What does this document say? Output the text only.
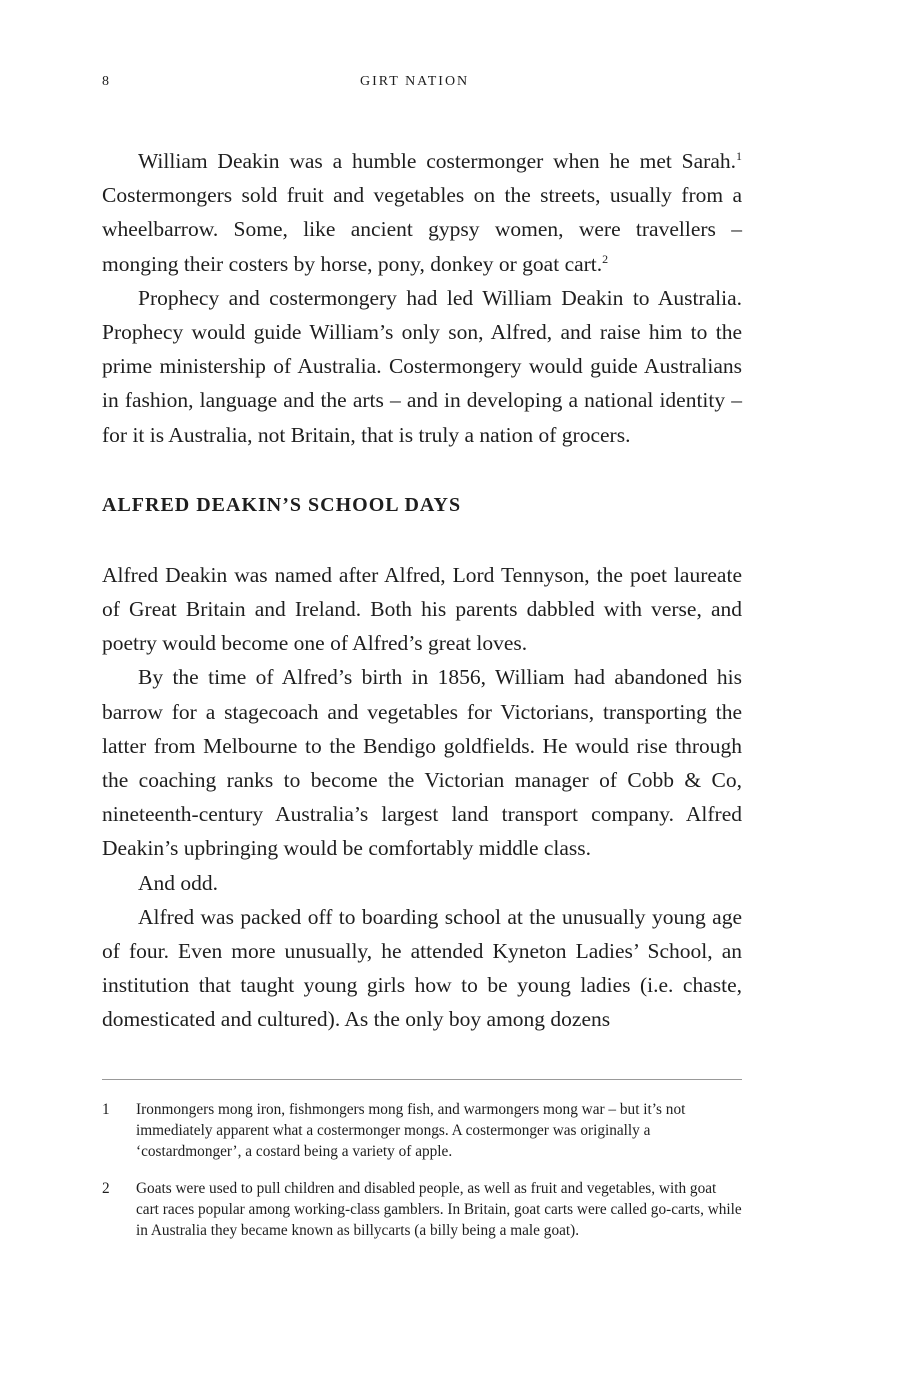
8	GIRT NATION

William Deakin was a humble costermonger when he met Sarah.$^1$ Costermongers sold fruit and vegetables on the streets, usually from a wheelbarrow. Some, like ancient gypsy women, were travellers – monging their costers by horse, pony, donkey or goat cart.$^2$

Prophecy and costermongery had led William Deakin to Australia. Prophecy would guide William’s only son, Alfred, and raise him to the prime ministership of Australia. Costermongery would guide Australians in fashion, language and the arts – and in developing a national identity – for it is Australia, not Britain, that is truly a nation of grocers.

ALFRED DEAKIN’S SCHOOL DAYS

Alfred Deakin was named after Alfred, Lord Tennyson, the poet laureate of Great Britain and Ireland. Both his parents dabbled with verse, and poetry would become one of Alfred’s great loves.

By the time of Alfred’s birth in 1856, William had abandoned his barrow for a stagecoach and vegetables for Victorians, transporting the latter from Melbourne to the Bendigo goldfields. He would rise through the coaching ranks to become the Victorian manager of Cobb & Co, nineteenth-century Australia’s largest land transport company. Alfred Deakin’s upbringing would be comfortably middle class.

And odd.

Alfred was packed off to boarding school at the unusually young age of four. Even more unusually, he attended Kyneton Ladies’ School, an institution that taught young girls how to be young ladies (i.e. chaste, domesticated and cultured). As the only boy among dozens

1 Ironmongers mong iron, fishmongers mong fish, and warmongers mong war – but it’s not immediately apparent what a costermonger mongs. A costermonger was originally a ‘costardmonger’, a costard being a variety of apple.
2 Goats were used to pull children and disabled people, as well as fruit and vegetables, with goat cart races popular among working-class gamblers. In Britain, goat carts were called go-carts, while in Australia they became known as billycarts (a billy being a male goat).
